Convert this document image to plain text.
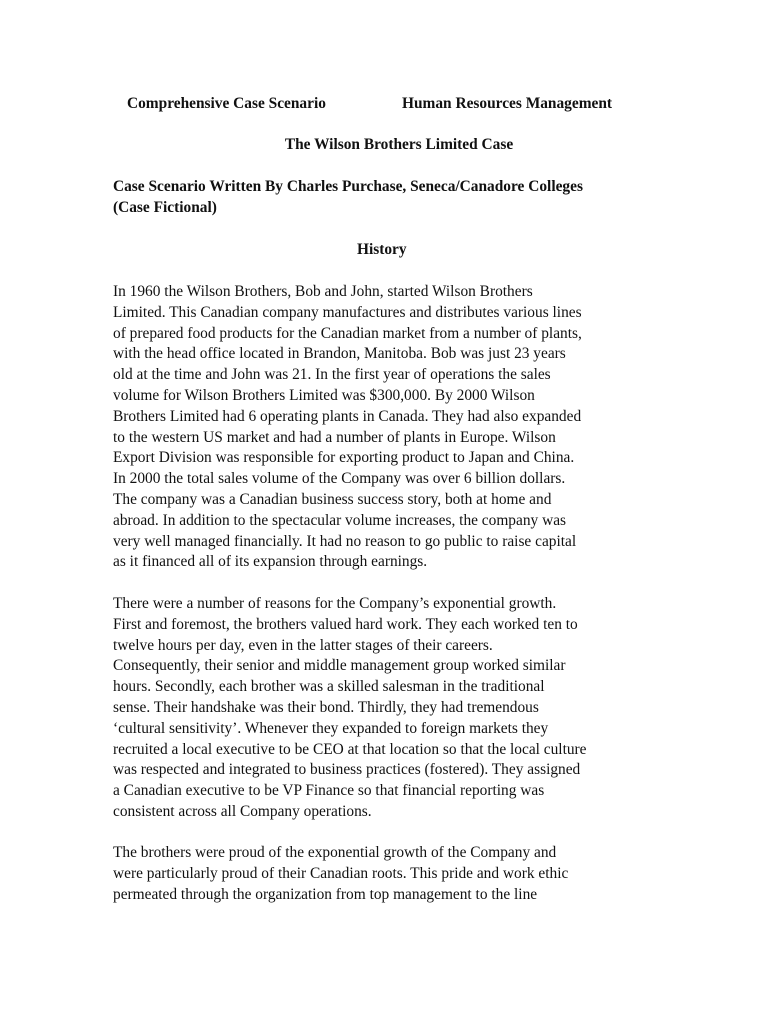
Comprehensive Case Scenario	Human Resources Management
The Wilson Brothers Limited Case
Case Scenario Written By Charles Purchase, Seneca/Canadore Colleges
(Case Fictional)
History
In 1960 the Wilson Brothers, Bob and John, started Wilson Brothers
Limited. This Canadian company manufactures and distributes various lines
of prepared food products for the Canadian market from a number of plants,
with the head office located in Brandon, Manitoba. Bob was just 23 years
old at the time and John was 21. In the first year of operations the sales
volume for Wilson Brothers Limited was $300,000. By 2000 Wilson
Brothers Limited had 6 operating plants in Canada. They had also expanded
to the western US market and had a number of plants in Europe. Wilson
Export Division was responsible for exporting product to Japan and China.
In 2000 the total sales volume of the Company was over 6 billion dollars.
The company was a Canadian business success story, both at home and
abroad. In addition to the spectacular volume increases, the company was
very well managed financially. It had no reason to go public to raise capital
as it financed all of its expansion through earnings.
There were a number of reasons for the Company’s exponential growth.
First and foremost, the brothers valued hard work. They each worked ten to
twelve hours per day, even in the latter stages of their careers.
Consequently, their senior and middle management group worked similar
hours. Secondly, each brother was a skilled salesman in the traditional
sense. Their handshake was their bond. Thirdly, they had tremendous
‘cultural sensitivity’. Whenever they expanded to foreign markets they
recruited a local executive to be CEO at that location so that the local culture
was respected and integrated to business practices (fostered). They assigned
a Canadian executive to be VP Finance so that financial reporting was
consistent across all Company operations.
The brothers were proud of the exponential growth of the Company and
were particularly proud of their Canadian roots. This pride and work ethic
permeated through the organization from top management to the line
